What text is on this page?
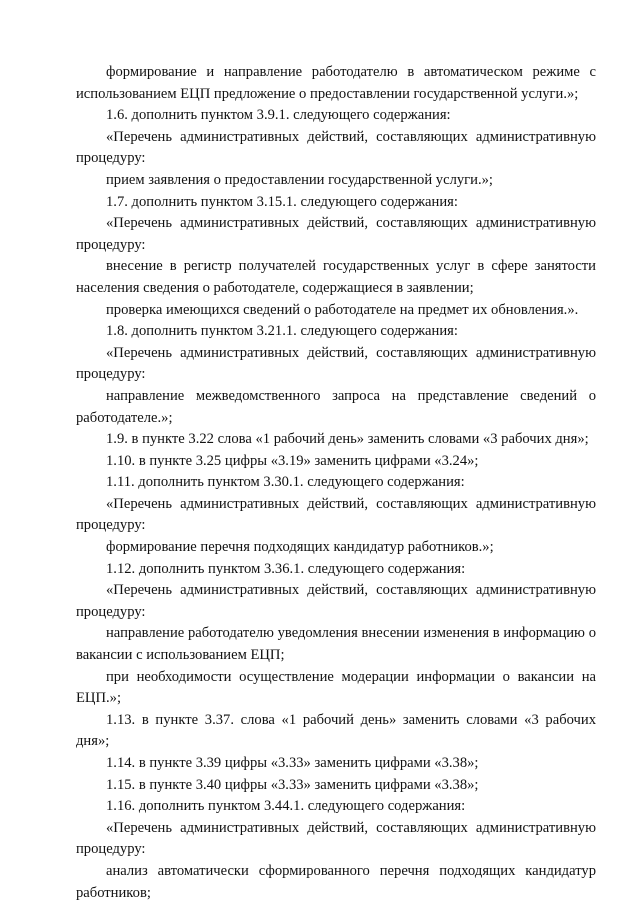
формирование и направление работодателю в автоматическом режиме с использованием ЕЦП предложение о предоставлении государственной услуги.»;

1.6. дополнить пунктом 3.9.1. следующего содержания:

«Перечень административных действий, составляющих административную процедуру:

прием заявления о предоставлении государственной услуги.»;

1.7. дополнить пунктом 3.15.1. следующего содержания:

«Перечень административных действий, составляющих административную процедуру:

внесение в регистр получателей государственных услуг в сфере занятости населения сведения о работодателе, содержащиеся в заявлении;

проверка имеющихся сведений о работодателе на предмет их обновления.».

1.8. дополнить пунктом 3.21.1. следующего содержания:

«Перечень административных действий, составляющих административную процедуру:

направление межведомственного запроса на представление сведений о работодателе.»;

1.9. в пункте 3.22 слова «1 рабочий день» заменить словами «3 рабочих дня»;

1.10. в пункте 3.25 цифры «3.19» заменить цифрами «3.24»;

1.11. дополнить пунктом 3.30.1. следующего содержания:

«Перечень административных действий, составляющих административную процедуру:

формирование перечня подходящих кандидатур работников.»;

1.12. дополнить пунктом 3.36.1. следующего содержания:

«Перечень административных действий, составляющих административную процедуру:

направление работодателю уведомления внесении изменения в информацию о вакансии с использованием ЕЦП;

при необходимости осуществление модерации информации о вакансии на ЕЦП.»;

1.13. в пункте 3.37. слова «1 рабочий день» заменить словами «3 рабочих дня»;

1.14. в пункте 3.39 цифры «3.33» заменить цифрами «3.38»;

1.15. в пункте 3.40 цифры «3.33» заменить цифрами «3.38»;

1.16. дополнить пунктом 3.44.1. следующего содержания:

«Перечень административных действий, составляющих административную процедуру:

анализ автоматически сформированного перечня подходящих кандидатур работников;
